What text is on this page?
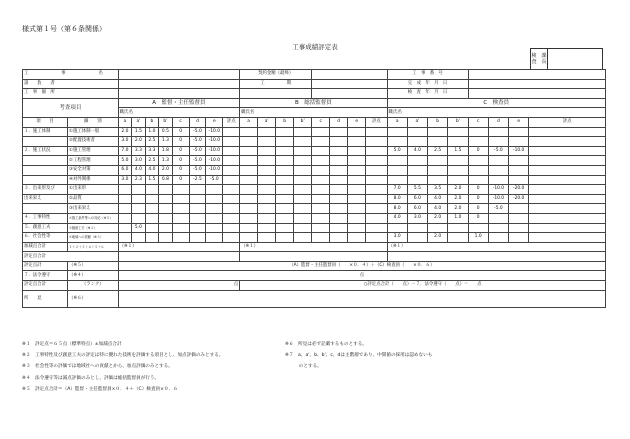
様式第１号（第６条関係）
工事成績評定表
検　課
査　長	
工　　事　　名										契約金額（最終）								工　事　番　号							
請　　負　　者										工　　　　　期								完　成　年　月　日							
工　事　個　所																		検　査　年　月　日							
考査項目		A　監督・主任監督員								B　総括監督員								C　検査員							
		職氏名								職氏名								職氏名							
項　　目	細　　別	a	a'	b	b'	c	d	e	評点	a	a'	b	b'	c	d	e	評点	a	a'	b	b'	c	d	e	評点
１．施工体制	①施工体制一般	2.0	1.5	1.0	0.5	0	-5.0	-10.0																	
	②配置技術者	3.0	2.0	2.5	1.3	0	-5.0	-10.0																	
２．施工状況	①施工管理	7.0	3.3	3.3	1.8	0	-5.0	-10.0										5.0	4.0	2.5	1.5	0	-5.0	-10.0	
	②工程管理	5.0	3.0	2.5	1.3	0	-5.0	-10.0																	
	③安全対策	6.0	4.0	4.0	2.0	0	-5.0	-10.0																	
	④対外関係	3.0	2.3	1.5	0.8	0	-2.5	-5.0																	
３．出来形及び	①出来形																	7.0	5.5	3.5	2.0	0	-10.0	-20.0	
出来栄え	②品質																	8.0	6.0	4.0	2.0	0	-10.0	-20.0	
	③出来栄え																	8.0	6.0	4.0	2.0	0	-5.0		
４．工事特性	①施工条件等への対応（※５）																	4.0	3.0	2.0	1.0	0			
５．創意工夫	①創意工夫（※２）		5.0																						
６．社会性等	①地域への貢献（※３）																	3.0		2.0		1.0			
加減点合計	１＋２＋３＋４＋５＋６	（※１）								（※１）								（※１）							
評定点合計																									
評定点計	（※５）	（A）監督・主任監督員（　　×０．４）＋（C）検査員（　　×０．６）																							
７．法令遵守	（※４）	点																							
評定点合計	（ランク）	点								○評定点合計（　　点）－７．法令遵守（　　点）＝　　点															
所　　見	（※６）																								
※１　評定点＝６５点（標準特点）±加減点合計
※２　工事特性及び創意工夫の評定は特に優れた技術を評価する項目とし、加点評価のみとする。
※３　社会性等の評価では地域社への貢献とから、加点評価のみとする。
※４　法令遵守等は減点評価のみとし、評価は総括監督員が行う。
※５　評定点合計＝（A）監督・主任監督員×０．４＋（C）検査員×０．６
※６　所見は必ず記載するものとする。
※７　a、a'、b、b'、c、dは主階層であり、中間値の採用は認めないも
　　　のとする。
